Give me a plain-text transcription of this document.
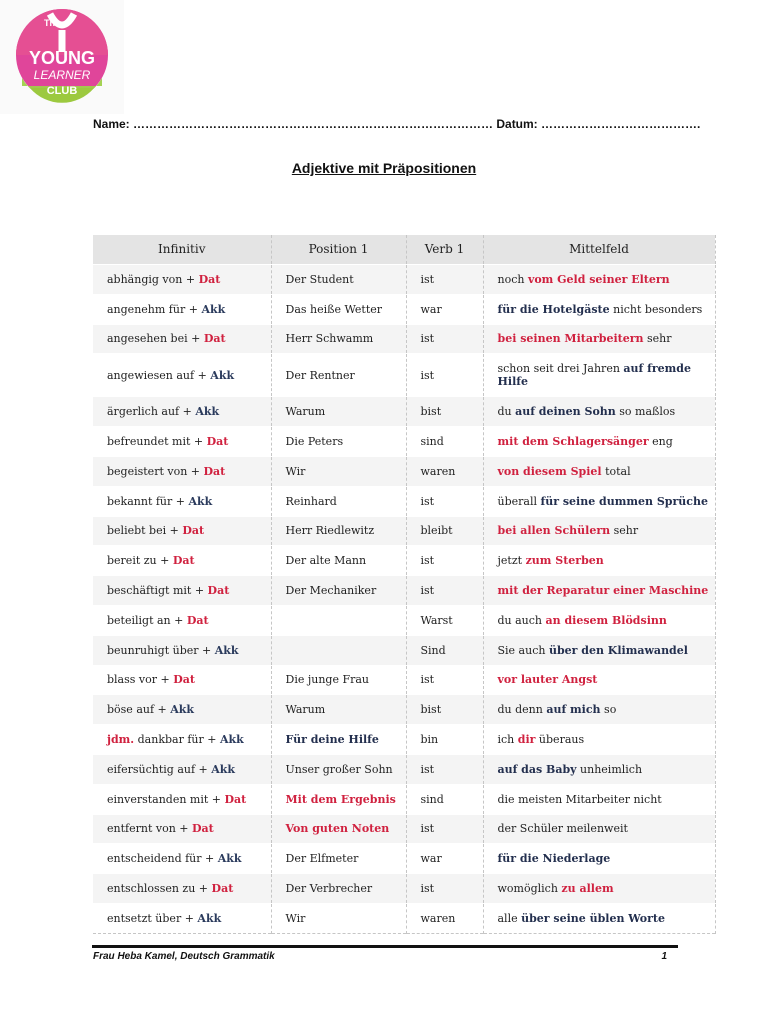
The
YOUNG
LEARNER
CLUB
Name: ……………………………………………………………………………… Datum: ………………………………….
Adjektive mit Präpositionen
Infinitiv	Position 1	Verb 1	Mittelfeld
abhängig von + Dat	Der Student	ist	noch vom Geld seiner Eltern
angenehm für + Akk	Das heiße Wetter	war	für die Hotelgäste nicht besonders
angesehen bei + Dat	Herr Schwamm	ist	bei seinen Mitarbeitern sehr
angewiesen auf + Akk	Der Rentner	ist	schon seit drei Jahren auf fremde Hilfe
ärgerlich auf + Akk	Warum	bist	du auf deinen Sohn so maßlos
befreundet mit + Dat	Die Peters	sind	mit dem Schlagersänger eng
begeistert von + Dat	Wir	waren	von diesem Spiel total
bekannt für + Akk	Reinhard	ist	überall für seine dummen Sprüche
beliebt bei + Dat	Herr Riedlewitz	bleibt	bei allen Schülern sehr
bereit zu + Dat	Der alte Mann	ist	jetzt zum Sterben
beschäftigt mit + Dat	Der Mechaniker	ist	mit der Reparatur einer Maschine
beteiligt an + Dat		Warst	du auch an diesem Blödsinn
beunruhigt über + Akk		Sind	Sie auch über den Klimawandel
blass vor + Dat	Die junge Frau	ist	vor lauter Angst
böse auf + Akk	Warum	bist	du denn auf mich so
jdm. dankbar für + Akk	Für deine Hilfe	bin	ich dir überaus
eifersüchtig auf + Akk	Unser großer Sohn	ist	auf das Baby unheimlich
einverstanden mit + Dat	Mit dem Ergebnis	sind	die meisten Mitarbeiter nicht
entfernt von + Dat	Von guten Noten	ist	der Schüler meilenweit
entscheidend für + Akk	Der Elfmeter	war	für die Niederlage
entschlossen zu + Dat	Der Verbrecher	ist	womöglich zu allem
entsetzt über + Akk	Wir	waren	alle über seine üblen Worte
Frau Heba Kamel, Deutsch Grammatik	1
